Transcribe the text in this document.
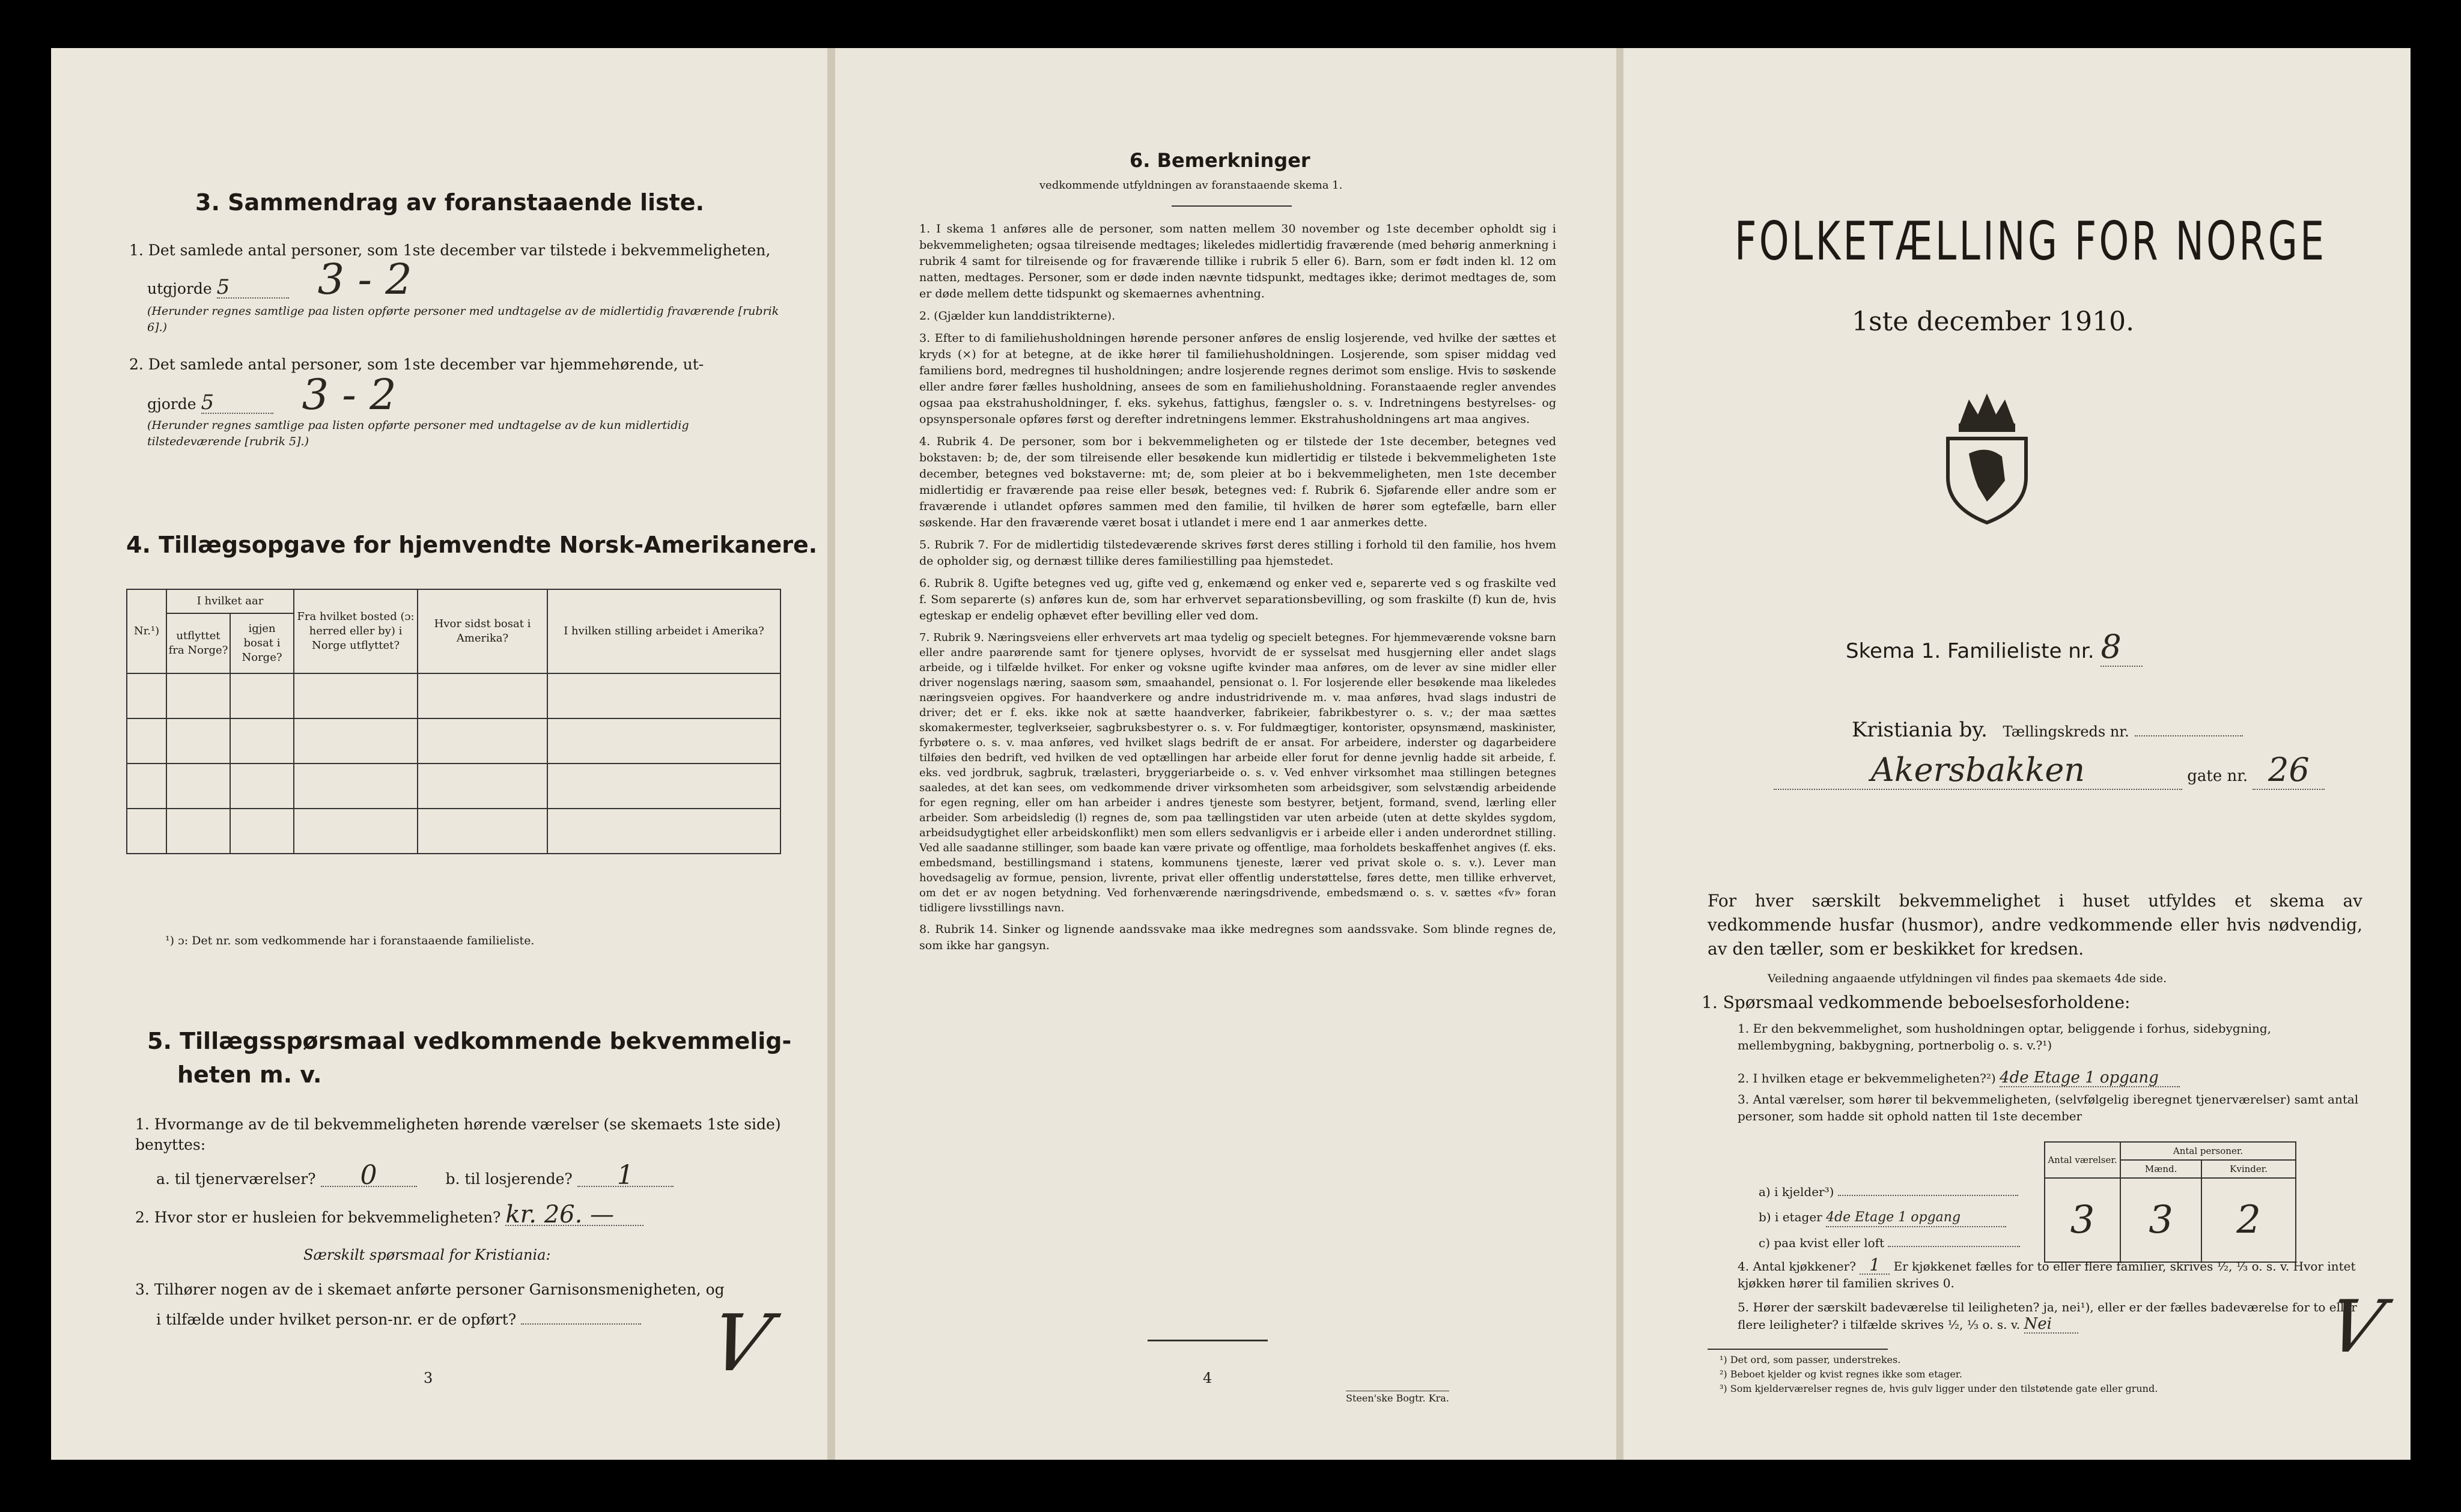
3. Sammendrag av foranstaaende liste.
1. Det samlede antal personer, som 1ste december var tilstede i bekvemmeligheten,
utgjorde 5 3 - 2
(Herunder regnes samtlige paa listen opførte personer med undtagelse av de midlertidig fraværende [rubrik 6].)
2. Det samlede antal personer, som 1ste december var hjemmehørende, ut-
gjorde 5 3 - 2
(Herunder regnes samtlige paa listen opførte personer med undtagelse av de kun midlertidig tilstedeværende [rubrik 5].)
4. Tillægsopgave for hjemvendte Norsk-Amerikanere.
Nr.¹)	I hvilket aar		Fra hvilket bosted (ɔ: herred eller by) i Norge utflyttet?	Hvor sidst bosat i Amerika?	I hvilken stilling arbeidet i Amerika?
	utflyttet fra Norge?	igjen bosat i Norge?			

¹) ɔ: Det nr. som vedkommende har i foranstaaende familieliste.
5. Tillægsspørsmaal vedkommende bekvemmelig-
heten m. v.
1. Hvormange av de til bekvemmeligheten hørende værelser (se skemaets 1ste side) benyttes:
a. til tjenerværelser? 0	b. til losjerende? 1
2. Hvor stor er husleien for bekvemmeligheten? kr. 26. —
Særskilt spørsmaal for Kristiania:
3. Tilhører nogen av de i skemaet anførte personer Garnisonsmenigheten, og
i tilfælde under hvilket person-nr. er de opført?	V
3
6. Bemerkninger
vedkommende utfyldningen av foranstaaende skema 1.

1. I skema 1 anføres alle de personer, som natten mellem 30 november og 1ste december opholdt sig i bekvemmeligheten; ogsaa tilreisende medtages; likeledes midlertidig fraværende (med behørig anmerkning i rubrik 4 samt for tilreisende og for fraværende tillike i rubrik 5 eller 6). Barn, som er født inden kl. 12 om natten, medtages. Personer, som er døde inden nævnte tidspunkt, medtages ikke; derimot medtages de, som er døde mellem dette tidspunkt og skemaernes avhentning.

2. (Gjælder kun landdistrikterne).

3. Efter to di familiehusholdningen hørende personer anføres de enslig losjerende, ved hvilke der sættes et kryds (×) for at betegne, at de ikke hører til familiehusholdningen. Losjerende, som spiser middag ved familiens bord, medregnes til husholdningen; andre losjerende regnes derimot som enslige. Hvis to søskende eller andre fører fælles husholdning, ansees de som en familiehusholdning. Foranstaaende regler anvendes ogsaa paa ekstrahusholdninger, f. eks. sykehus, fattighus, fængsler o. s. v. Indretningens bestyrelses- og opsynspersonale opføres først og derefter indretningens lemmer. Ekstrahusholdningens art maa angives.

4. Rubrik 4. De personer, som bor i bekvemmeligheten og er tilstede der 1ste december, betegnes ved bokstaven: b; de, der som tilreisende eller besøkende kun midlertidig er tilstede i bekvemmeligheten 1ste december, betegnes ved bokstaverne: mt; de, som pleier at bo i bekvemmeligheten, men 1ste december midlertidig er fraværende paa reise eller besøk, betegnes ved: f. Rubrik 6. Sjøfarende eller andre som er fraværende i utlandet opføres sammen med den familie, til hvilken de hører som egtefælle, barn eller søskende. Har den fraværende været bosat i utlandet i mere end 1 aar anmerkes dette.

5. Rubrik 7. For de midlertidig tilstedeværende skrives først deres stilling i forhold til den familie, hos hvem de opholder sig, og dernæst tillike deres familiestilling paa hjemstedet.

6. Rubrik 8. Ugifte betegnes ved ug, gifte ved g, enkemænd og enker ved e, separerte ved s og fraskilte ved f. Som separerte (s) anføres kun de, som har erhvervet separationsbevilling, og som fraskilte (f) kun de, hvis egteskap er endelig ophævet efter bevilling eller ved dom.

7. Rubrik 9. Næringsveiens eller erhvervets art maa tydelig og specielt betegnes. For hjemmeværende voksne barn eller andre paarørende samt for tjenere oplyses, hvorvidt de er sysselsat med husgjerning eller andet slags arbeide, og i tilfælde hvilket. For enker og voksne ugifte kvinder maa anføres, om de lever av sine midler eller driver nogenslags næring, saasom søm, smaahandel, pensionat o. l. For losjerende eller besøkende maa likeledes næringsveien opgives. For haandverkere og andre industridrivende m. v. maa anføres, hvad slags industri de driver; det er f. eks. ikke nok at sætte haandverker, fabrikeier, fabrikbestyrer o. s. v.; der maa sættes skomakermester, teglverkseier, sagbruksbestyrer o. s. v. For fuldmægtiger, kontorister, opsynsmænd, maskinister, fyrbøtere o. s. v. maa anføres, ved hvilket slags bedrift de er ansat. For arbeidere, inderster og dagarbeidere tilføies den bedrift, ved hvilken de ved optællingen har arbeide eller forut for denne jevnlig hadde sit arbeide, f. eks. ved jordbruk, sagbruk, trælasteri, bryggeriarbeide o. s. v. Ved enhver virksomhet maa stillingen betegnes saaledes, at det kan sees, om vedkommende driver virksomheten som arbeidsgiver, som selvstændig arbeidende for egen regning, eller om han arbeider i andres tjeneste som bestyrer, betjent, formand, svend, lærling eller arbeider. Som arbeidsledig (l) regnes de, som paa tællingstiden var uten arbeide (uten at dette skyldes sygdom, arbeidsudygtighet eller arbeidskonflikt) men som ellers sedvanligvis er i arbeide eller i anden underordnet stilling. Ved alle saadanne stillinger, som baade kan være private og offentlige, maa forholdets beskaffenhet angives (f. eks. embedsmand, bestillingsmand i statens, kommunens tjeneste, lærer ved privat skole o. s. v.). Lever man hovedsagelig av formue, pension, livrente, privat eller offentlig understøttelse, føres dette, men tillike erhvervet, om det er av nogen betydning. Ved forhenværende næringsdrivende, embedsmænd o. s. v. sættes «fv» foran tidligere livsstillings navn.

8. Rubrik 14. Sinker og lignende aandssvake maa ikke medregnes som aandssvake. Som blinde regnes de, som ikke har gangsyn.

4
Steen'ske Bogtr. Kra.
FOLKETÆLLING FOR NORGE
1ste december 1910.
Skema 1. Familieliste nr. 8
Kristiania by. Tællingskreds nr.
Akersbakken	gate nr. 26
For hver særskilt bekvemmelighet i huset utfyldes et skema av vedkommende husfar (husmor), andre vedkommende eller hvis nødvendig, av den tæller, som er beskikket for kredsen.
Veiledning angaaende utfyldningen vil findes paa skemaets 4de side.
1. Spørsmaal vedkommende beboelsesforholdene:
1. Er den bekvemmelighet, som husholdningen optar, beliggende i forhus, sidebygning, mellembygning, bakbygning, portnerbolig o. s. v.?¹)
2. I hvilken etage er bekvemmeligheten?²) 4de Etage 1 opgang
3. Antal værelser, som hører til bekvemmeligheten, (selvfølgelig iberegnet tjenerværelser) samt antal personer, som hadde sit ophold natten til 1ste december
Antal værelser.	Antal personer.	
	Mænd.	Kvinder.
3	3	2
a) i kjelder³)
b) i etager 4de Etage 1 opgang
c) paa kvist eller loft
4. Antal kjøkkener? 1 Er kjøkkenet fælles for to eller flere familier, skrives ½, ⅓ o. s. v. Hvor intet kjøkken hører til familien skrives 0.
5. Hører der særskilt badeværelse til leiligheten? ja, nei¹), eller er der fælles badeværelse for to eller flere leiligheter? i tilfælde skrives ½, ⅓ o. s. v. Nei
¹) Det ord, som passer, understrekes.
²) Beboet kjelder og kvist regnes ikke som etager.
³) Som kjelderværelser regnes de, hvis gulv ligger under den tilstøtende gate eller grund.
V
